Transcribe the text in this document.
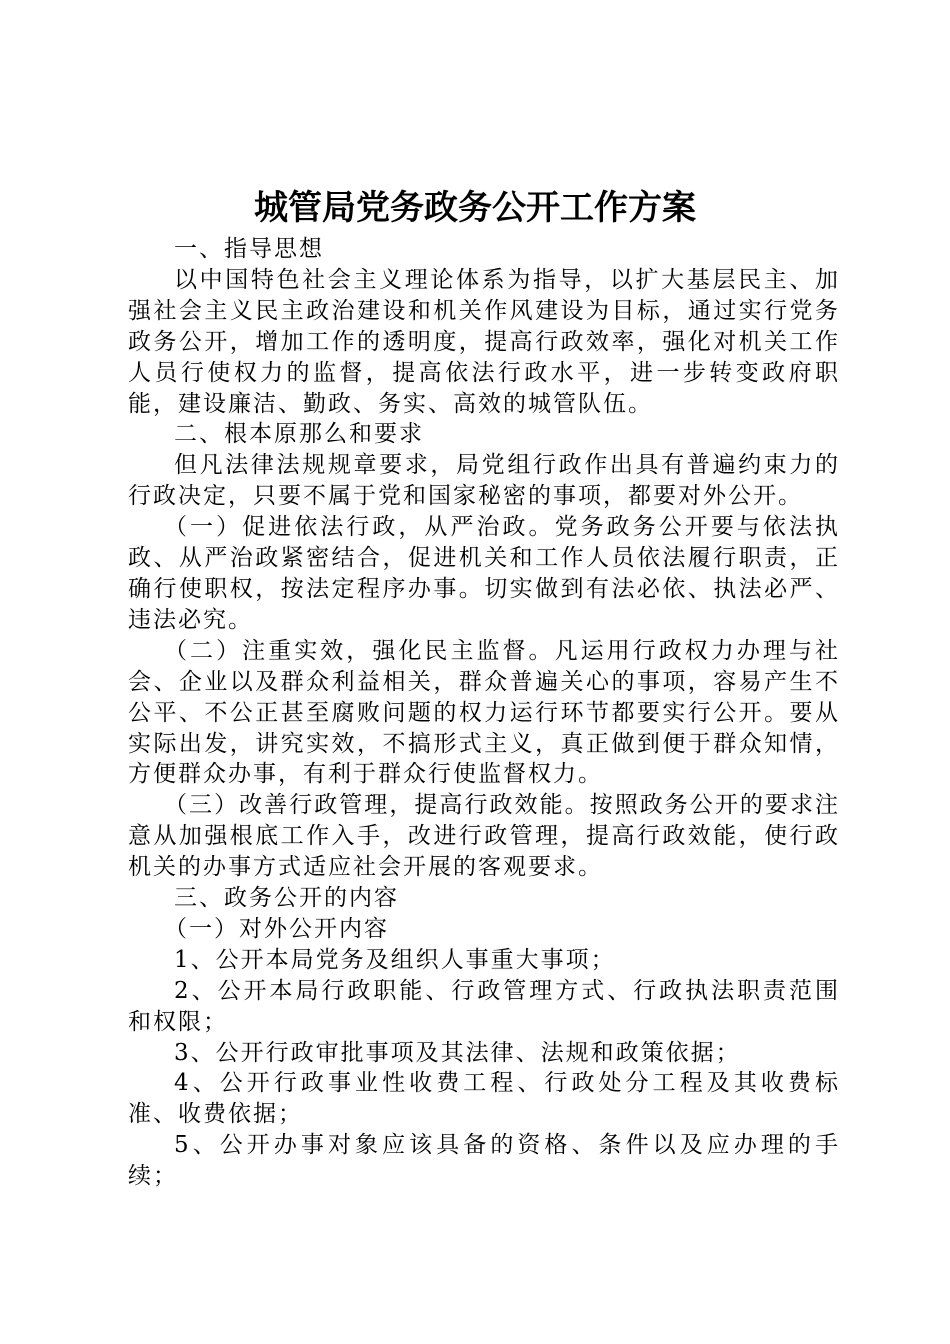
城管局党务政务公开工作方案

一、指导思想

以中国特色社会主义理论体系为指导，以扩大基层民主、加强社会主义民主政治建设和机关作风建设为目标，通过实行党务政务公开，增加工作的透明度，提高行政效率，强化对机关工作人员行使权力的监督，提高依法行政水平，进一步转变政府职能，建设廉洁、勤政、务实、高效的城管队伍。

二、根本原那么和要求

但凡法律法规规章要求，局党组行政作出具有普遍约束力的行政决定，只要不属于党和国家秘密的事项，都要对外公开。

（一）促进依法行政，从严治政。党务政务公开要与依法执政、从严治政紧密结合，促进机关和工作人员依法履行职责，正确行使职权，按法定程序办事。切实做到有法必依、执法必严、违法必究。

（二）注重实效，强化民主监督。凡运用行政权力办理与社会、企业以及群众利益相关，群众普遍关心的事项，容易产生不公平、不公正甚至腐败问题的权力运行环节都要实行公开。要从实际出发，讲究实效，不搞形式主义，真正做到便于群众知情，方便群众办事，有利于群众行使监督权力。

（三）改善行政管理，提高行政效能。按照政务公开的要求注意从加强根底工作入手，改进行政管理，提高行政效能，使行政机关的办事方式适应社会开展的客观要求。

三、政务公开的内容

（一）对外公开内容

1、公开本局党务及组织人事重大事项；

2、公开本局行政职能、行政管理方式、行政执法职责范围和权限；

3、公开行政审批事项及其法律、法规和政策依据；

4、公开行政事业性收费工程、行政处分工程及其收费标准、收费依据；

5、公开办事对象应该具备的资格、条件以及应办理的手续；
